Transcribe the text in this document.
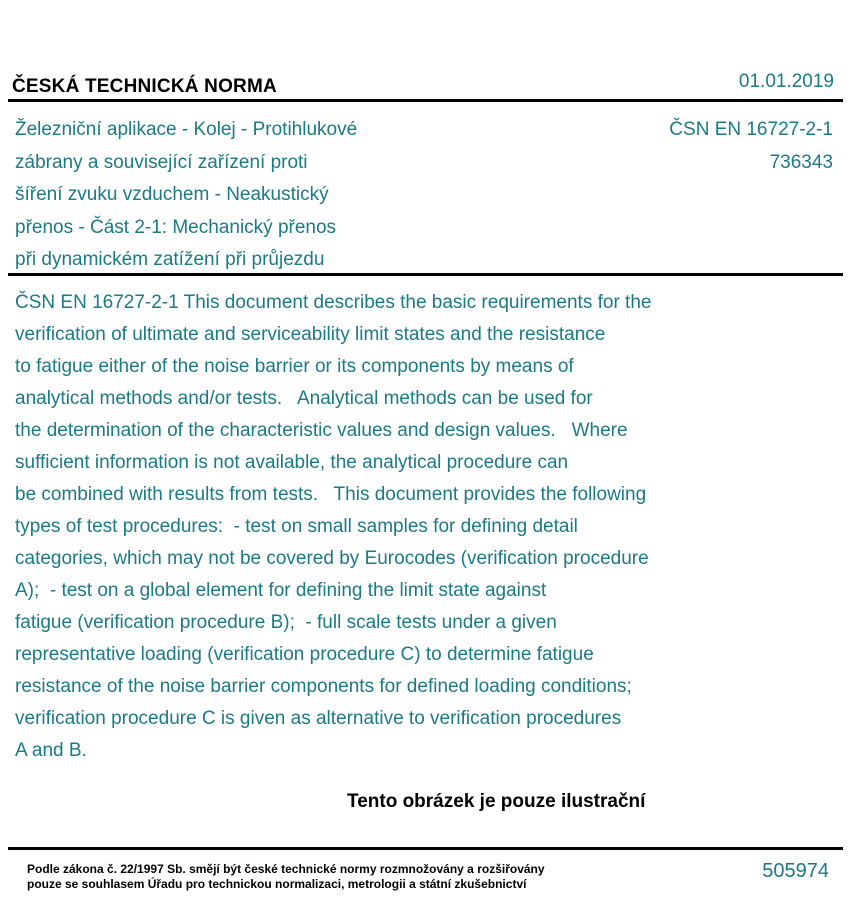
ČESKÁ TECHNICKÁ NORMA	01.01.2019
Železniční aplikace - Kolej - Protihlukové
zábrany a související zařízení proti
šíření zvuku vzduchem - Neakustický
přenos - Část 2-1: Mechanický přenos
při dynamickém zatížení při průjezdu
ČSN EN 16727-2-1
736343
ČSN EN 16727-2-1 This document describes the basic requirements for the
verification of ultimate and serviceability limit states and the resistance
to fatigue either of the noise barrier or its components by means of
analytical methods and/or tests.   Analytical methods can be used for
the determination of the characteristic values and design values.   Where
sufficient information is not available, the analytical procedure can
be combined with results from tests.   This document provides the following
types of test procedures:  - test on small samples for defining detail
categories, which may not be covered by Eurocodes (verification procedure
A);  - test on a global element for defining the limit state against
fatigue (verification procedure B);  - full scale tests under a given
representative loading (verification procedure C) to determine fatigue
resistance of the noise barrier components for defined loading conditions;
verification procedure C is given as alternative to verification procedures
A and B.
Tento obrázek je pouze ilustrační
Podle zákona č. 22/1997 Sb. smějí být české technické normy rozmnožovány a rozšiřovány
pouze se souhlasem Úřadu pro technickou normalizaci, metrologii a státní zkušebnictví
505974
